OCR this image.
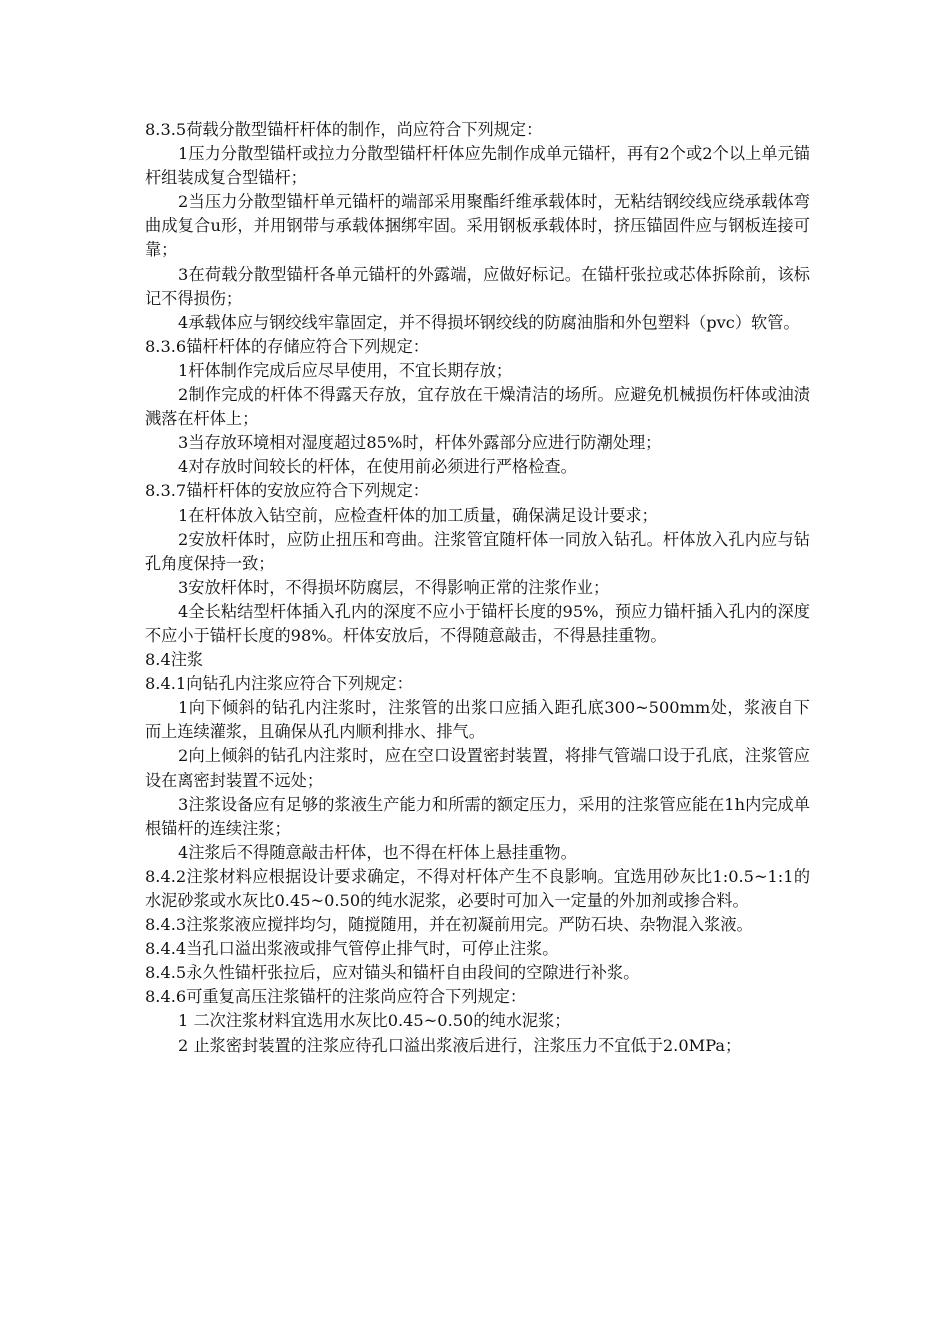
8.3.5荷载分散型锚杆杆体的制作，尚应符合下列规定：

1压力分散型锚杆或拉力分散型锚杆杆体应先制作成单元锚杆，再有2个或2个以上单元锚杆组装成复合型锚杆；

2当压力分散型锚杆单元锚杆的端部采用聚酯纤维承载体时，无粘结钢绞线应绕承载体弯曲成复合u形，并用钢带与承载体捆绑牢固。采用钢板承载体时，挤压锚固件应与钢板连接可靠；

3在荷载分散型锚杆各单元锚杆的外露端，应做好标记。在锚杆张拉或芯体拆除前，该标记不得损伤；

4承载体应与钢绞线牢靠固定，并不得损坏钢绞线的防腐油脂和外包塑料（pvc）软管。

8.3.6锚杆杆体的存储应符合下列规定：

1杆体制作完成后应尽早使用，不宜长期存放；

2制作完成的杆体不得露天存放，宜存放在干燥清洁的场所。应避免机械损伤杆体或油渍溅落在杆体上；

3当存放环境相对湿度超过85%时，杆体外露部分应进行防潮处理；

4对存放时间较长的杆体，在使用前必须进行严格检查。

8.3.7锚杆杆体的安放应符合下列规定：

1在杆体放入钻空前，应检查杆体的加工质量，确保满足设计要求；

2安放杆体时，应防止扭压和弯曲。注浆管宜随杆体一同放入钻孔。杆体放入孔内应与钻孔角度保持一致；

3安放杆体时，不得损坏防腐层，不得影响正常的注浆作业；

4全长粘结型杆体插入孔内的深度不应小于锚杆长度的95%，预应力锚杆插入孔内的深度不应小于锚杆长度的98%。杆体安放后，不得随意敲击，不得悬挂重物。

8.4注浆

8.4.1向钻孔内注浆应符合下列规定：

1向下倾斜的钻孔内注浆时，注浆管的出浆口应插入距孔底300~500mm处，浆液自下而上连续灌浆，且确保从孔内顺利排水、排气。

2向上倾斜的钻孔内注浆时，应在空口设置密封装置，将排气管端口设于孔底，注浆管应设在离密封装置不远处；

3注浆设备应有足够的浆液生产能力和所需的额定压力，采用的注浆管应能在1h内完成单根锚杆的连续注浆；

4注浆后不得随意敲击杆体，也不得在杆体上悬挂重物。

8.4.2注浆材料应根据设计要求确定，不得对杆体产生不良影响。宜选用砂灰比1:0.5~1:1的水泥砂浆或水灰比0.45~0.50的纯水泥浆，必要时可加入一定量的外加剂或掺合料。

8.4.3注浆浆液应搅拌均匀，随搅随用，并在初凝前用完。严防石块、杂物混入浆液。

8.4.4当孔口溢出浆液或排气管停止排气时，可停止注浆。

8.4.5永久性锚杆张拉后，应对锚头和锚杆自由段间的空隙进行补浆。

8.4.6可重复高压注浆锚杆的注浆尚应符合下列规定：

1 二次注浆材料宜选用水灰比0.45~0.50的纯水泥浆；

2 止浆密封装置的注浆应待孔口溢出浆液后进行，注浆压力不宜低于2.0MPa；
